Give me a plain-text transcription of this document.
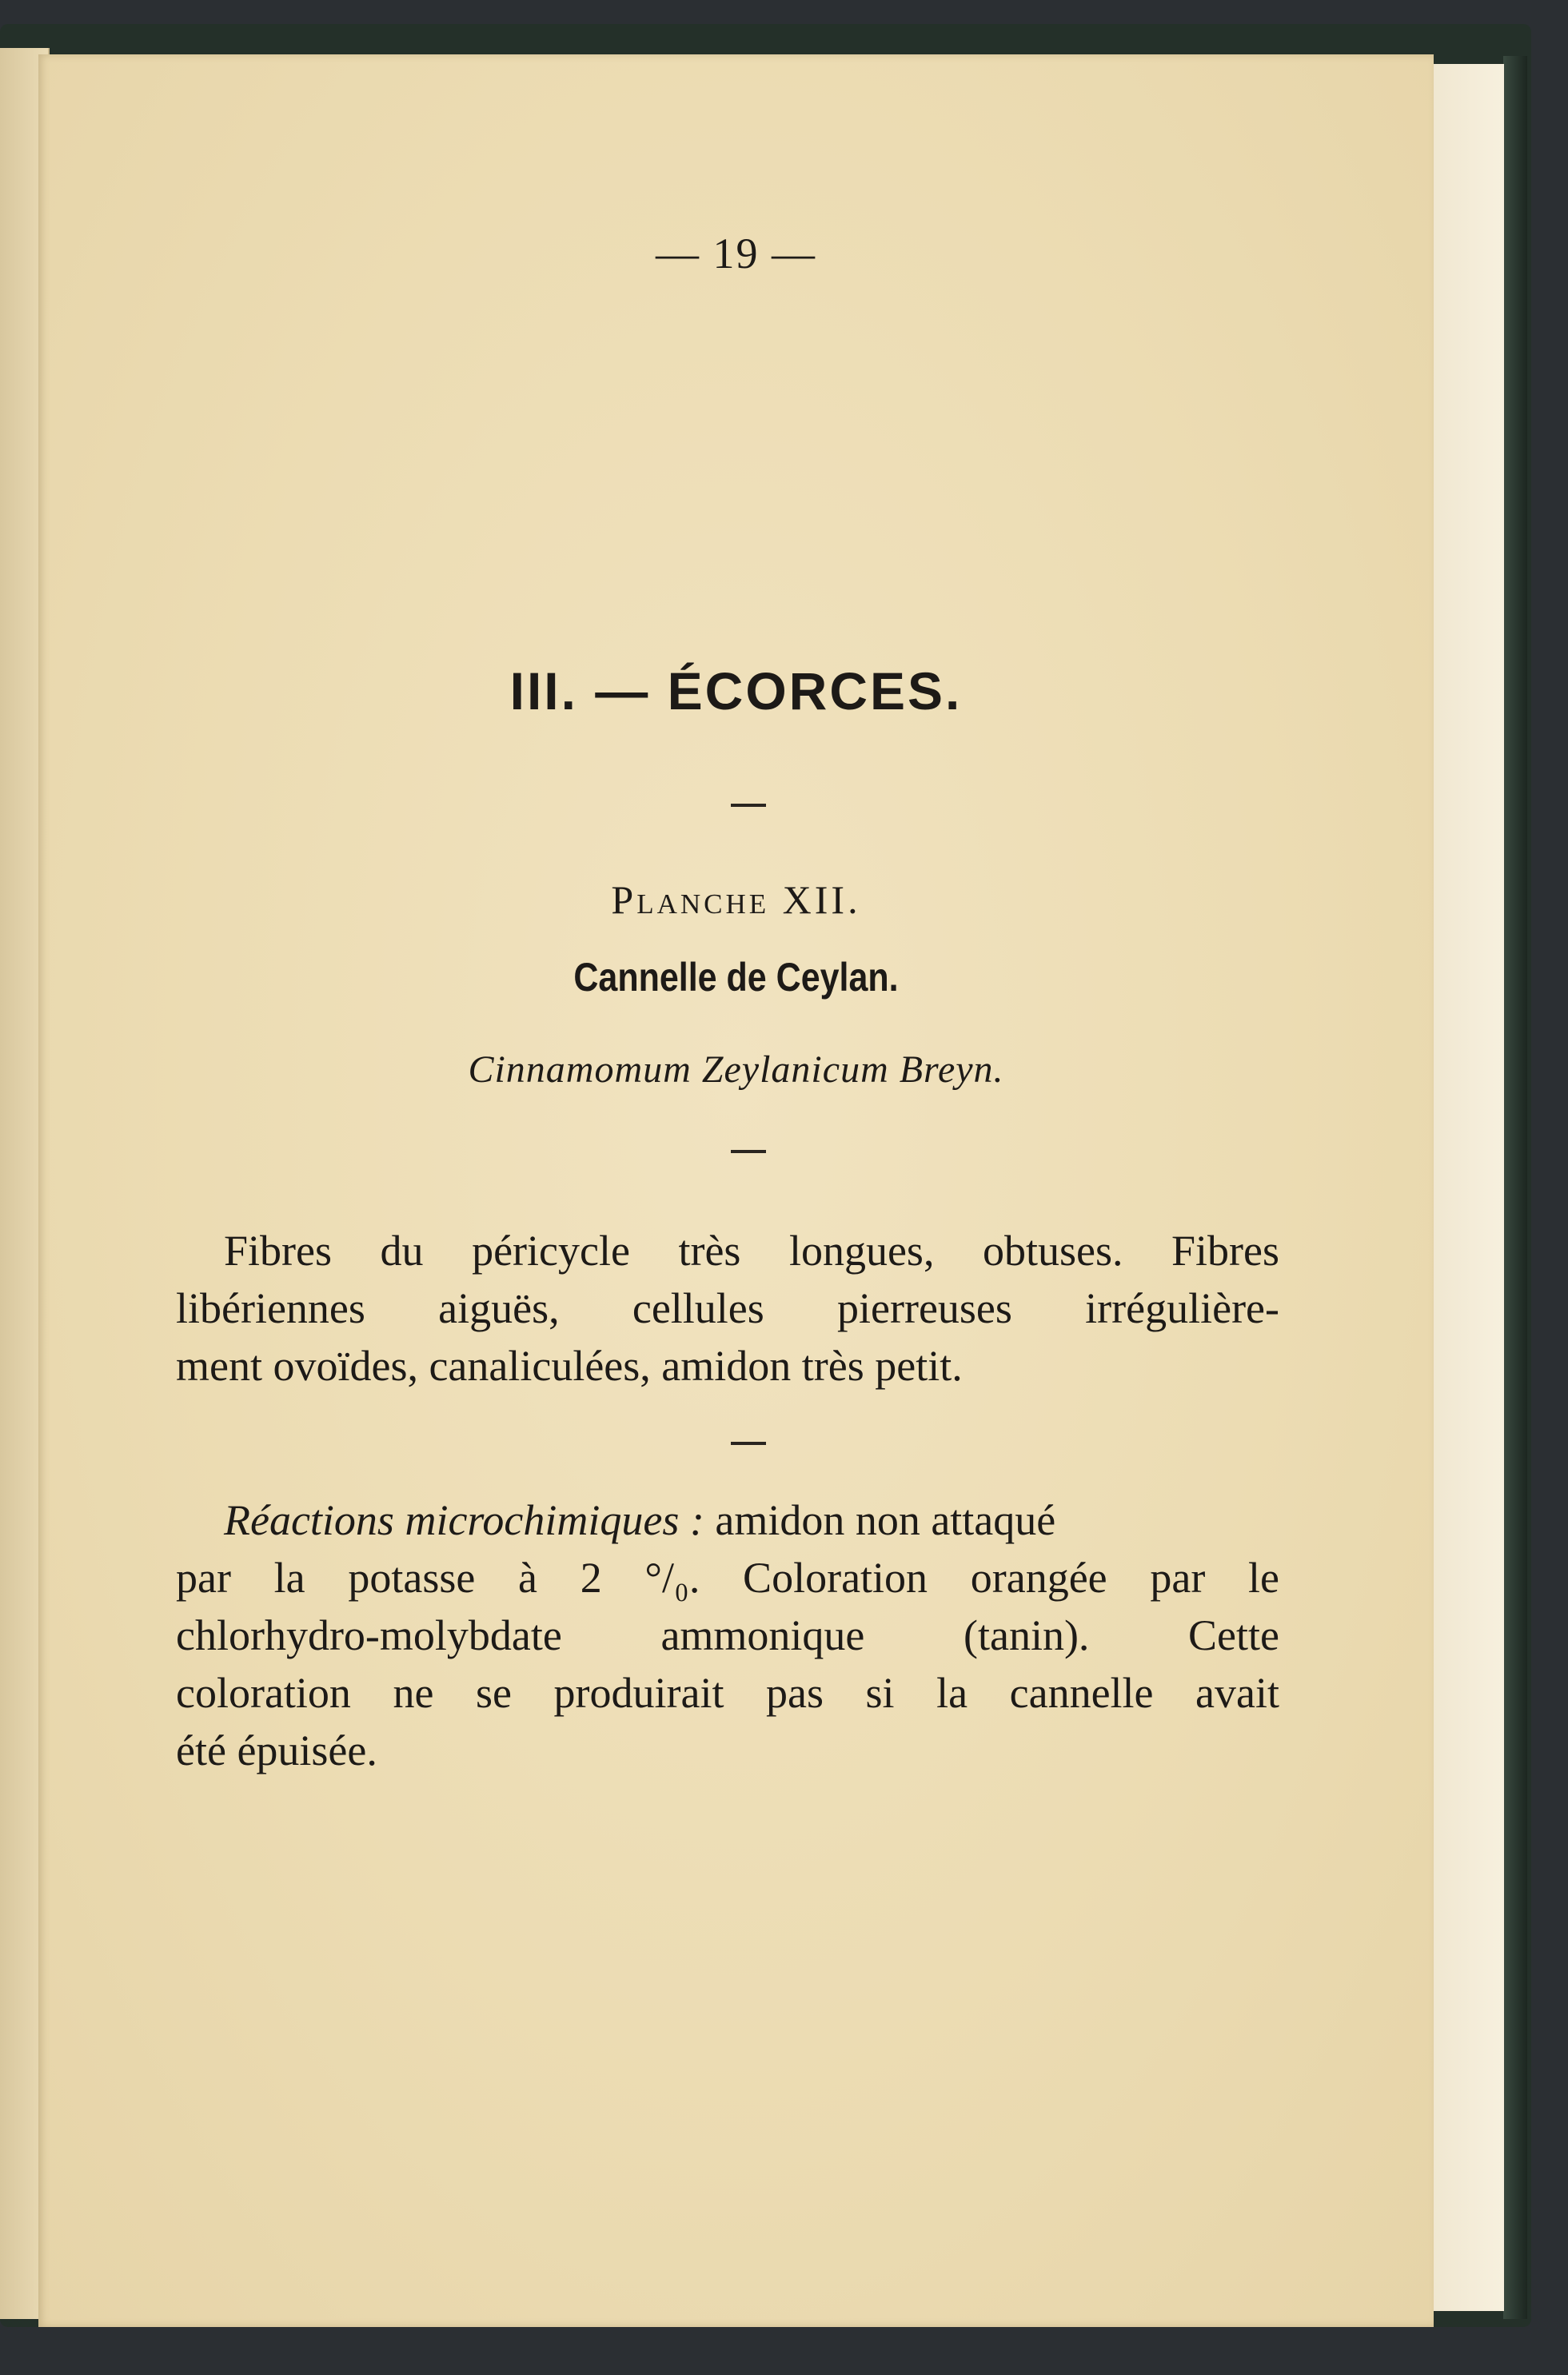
— 19 —
III. — ÉCORCES.
Planche XII.
Cannelle de Ceylan.
Cinnamomum Zeylanicum Breyn.
Fibres du péricycle très longues, obtuses. Fibres
libériennes aiguës, cellules pierreuses irrégulière-
ment ovoïdes, canaliculées, amidon très petit.
Réactions microchimiques : amidon non attaqué
par la potasse à 2 °/₀. Coloration orangée par le
chlorhydro-molybdate ammonique (tanin). Cette
coloration ne se produirait pas si la cannelle avait
été épuisée.
